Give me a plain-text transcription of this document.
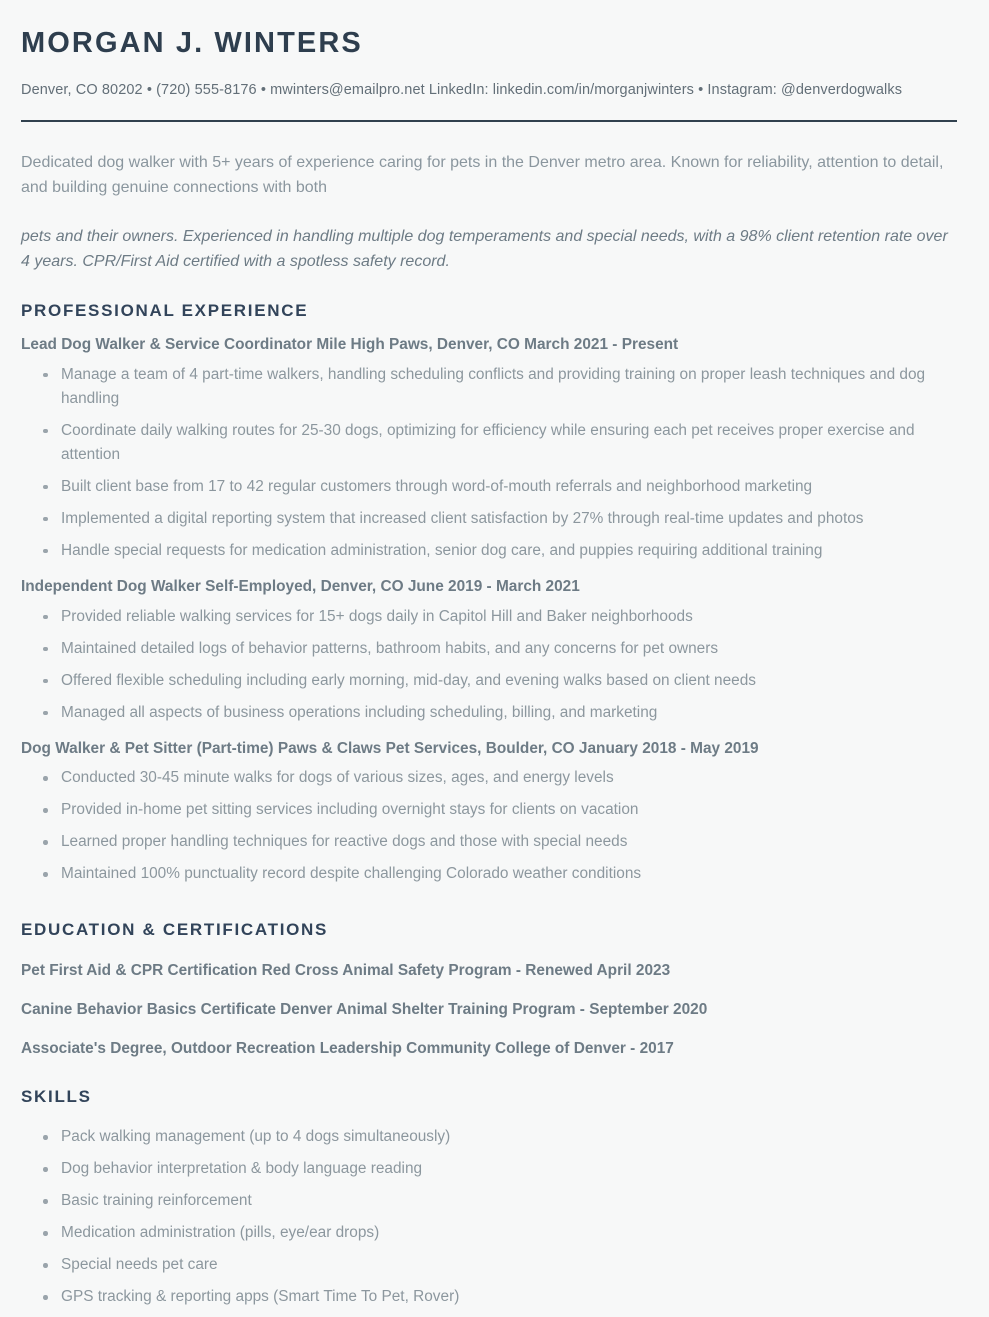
MORGAN J. WINTERS
Denver, CO 80202 • (720) 555-8176 • mwinters@emailpro.net LinkedIn: linkedin.com/in/morganjwinters • Instagram: @denverdogwalks

Dedicated dog walker with 5+ years of experience caring for pets in the Denver metro area. Known for reliability, attention to detail, and building genuine connections with both

pets and their owners. Experienced in handling multiple dog temperaments and special needs, with a 98% client retention rate over 4 years. CPR/First Aid certified with a spotless safety record.

PROFESSIONAL EXPERIENCE
Lead Dog Walker & Service Coordinator Mile High Paws, Denver, CO March 2021 - Present
Manage a team of 4 part-time walkers, handling scheduling conflicts and providing training on proper leash techniques and dog handling
Coordinate daily walking routes for 25-30 dogs, optimizing for efficiency while ensuring each pet receives proper exercise and attention
Built client base from 17 to 42 regular customers through word-of-mouth referrals and neighborhood marketing
Implemented a digital reporting system that increased client satisfaction by 27% through real-time updates and photos
Handle special requests for medication administration, senior dog care, and puppies requiring additional training
Independent Dog Walker Self-Employed, Denver, CO June 2019 - March 2021
Provided reliable walking services for 15+ dogs daily in Capitol Hill and Baker neighborhoods
Maintained detailed logs of behavior patterns, bathroom habits, and any concerns for pet owners
Offered flexible scheduling including early morning, mid-day, and evening walks based on client needs
Managed all aspects of business operations including scheduling, billing, and marketing
Dog Walker & Pet Sitter (Part-time) Paws & Claws Pet Services, Boulder, CO January 2018 - May 2019
Conducted 30-45 minute walks for dogs of various sizes, ages, and energy levels
Provided in-home pet sitting services including overnight stays for clients on vacation
Learned proper handling techniques for reactive dogs and those with special needs
Maintained 100% punctuality record despite challenging Colorado weather conditions
EDUCATION & CERTIFICATIONS
Pet First Aid & CPR Certification Red Cross Animal Safety Program - Renewed April 2023
Canine Behavior Basics Certificate Denver Animal Shelter Training Program - September 2020
Associate's Degree, Outdoor Recreation Leadership Community College of Denver - 2017
SKILLS
Pack walking management (up to 4 dogs simultaneously)
Dog behavior interpretation & body language reading
Basic training reinforcement
Medication administration (pills, eye/ear drops)
Special needs pet care
GPS tracking & reporting apps (Smart Time To Pet, Rover)
